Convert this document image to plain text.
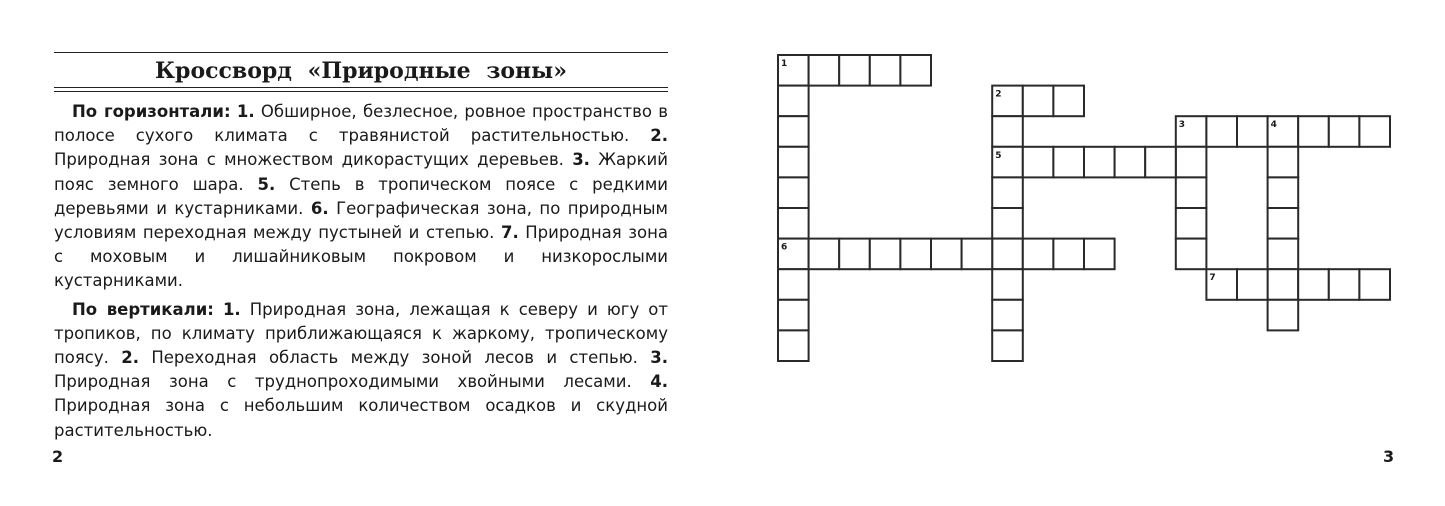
Кроссворд «Природные зоны»

По горизонтали: 1. Обширное, безлесное, ровное пространство в полосе сухого климата с травянистой растительностью. 2. Природная зона с множеством дикорастущих деревьев. 3. Жаркий пояс земного шара. 5. Степь в тропическом поясе с редкими деревьями и кустарниками. 6. Географическая зона, по природным условиям переходная между пустыней и степью. 7. Природная зона с моховым и лишайниковым покровом и низкорослыми кустарниками.

По вертикали: 1. Природная зона, лежащая к северу и югу от тропиков, по климату приближающаяся к жаркому, тропическому поясу. 2. Переходная область между зоной лесов и степью. 3. Природная зона с труднопроходимыми хвойными лесами. 4. Природная зона с небольшим количеством осадков и скудной растительностью.

2	3
1
2
3	4
5
6
7
